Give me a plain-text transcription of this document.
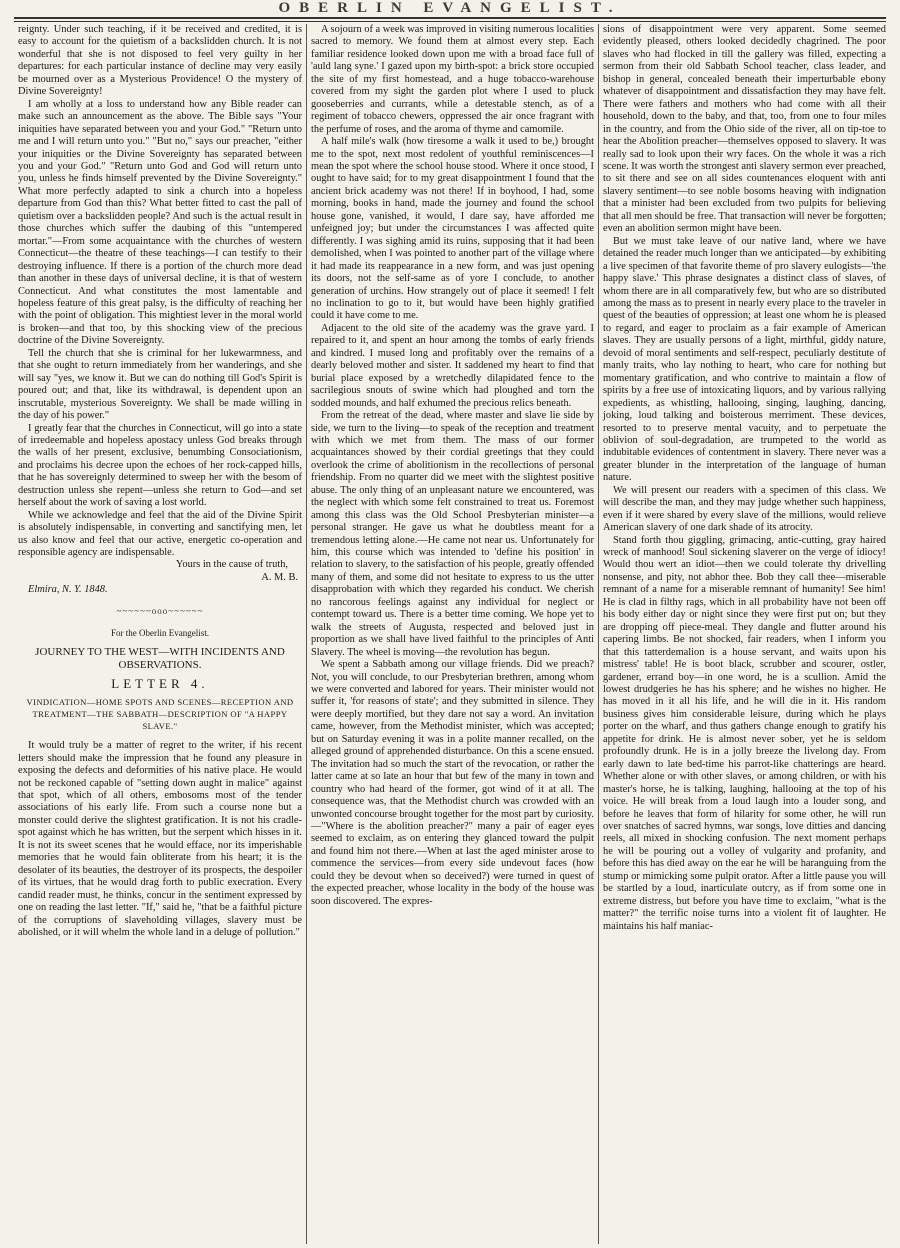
OBERLIN EVANGELIST.

reignty. Under such teaching, if it be received and credited, it is easy to account for the quietism of a backslidden church. It is not wonderful that she is not disposed to feel very guilty in her departures: for each particular instance of decline may very easily be mourned over as a Mysterious Providence! O the mystery of Divine Sovereignty!

I am wholly at a loss to understand how any Bible reader can make such an announcement as the above. The Bible says "Your iniquities have separated between you and your God." "Return unto me and I will return unto you." "But no," says our preacher, "either your iniquities or the Divine Sovereignty has separated between you and your God." "Return unto God and God will return unto you, unless he finds himself prevented by the Divine Sovereignty." What more perfectly adapted to sink a church into a hopeless departure from God than this? What better fitted to cast the pall of quietism over a backslidden people? And such is the actual result in those churches which suffer the daubing of this "untempered mortar."—From some acquaintance with the churches of western Connecticut—the theatre of these teachings—I can testify to their destroying influence. If there is a portion of the church more dead than another in these days of universal decline, it is that of western Connecticut. And what constitutes the most lamentable and hopeless feature of this great palsy, is the difficulty of reaching her with the point of obligation. This mightiest lever in the moral world is broken—and that too, by this shocking view of the precious doctrine of the Divine Sovereignty.

Tell the church that she is criminal for her lukewarmness, and that she ought to return immediately from her wanderings, and she will say "yes, we know it. But we can do nothing till God's Spirit is poured out; and that, like its withdrawal, is dependent upon an inscrutable, mysterious Sovereignty. We shall be made willing in the day of his power."

I greatly fear that the churches in Connecticut, will go into a state of irredeemable and hopeless apostacy unless God breaks through the walls of her present, exclusive, benumbing Consociationism, and proclaims his decree upon the echoes of her rock-capped hills, that he has sovereignly determined to sweep her with the besom of destruction unless she repent—unless she return to God—and set herself about the work of saving a lost world.

While we acknowledge and feel that the aid of the Divine Spirit is absolutely indispensable, in converting and sanctifying men, let us also know and feel that our active, energetic co-operation and responsible agency are indispensable.

Yours in the cause of truth,

A. M. B.

Elmira, N. Y. 1848.

~~~~~~ooo~~~~~~
For the Oberlin Evangelist.
JOURNEY TO THE WEST—WITH INCIDENTS AND OBSERVATIONS.
LETTER 4.
VINDICATION—HOME SPOTS AND SCENES—RECEPTION AND TREATMENT—THE SABBATH—DESCRIPTION OF "A HAPPY SLAVE."

It would truly be a matter of regret to the writer, if his recent letters should make the impression that he found any pleasure in exposing the defects and deformities of his native place. He would not be reckoned capable of "setting down aught in malice" against that spot, which of all others, embosoms most of the tender associations of his early life. From such a course none but a monster could derive the slightest gratification. It is not his cradle-spot against which he has written, but the serpent which hisses in it. It is not its sweet scenes that he would efface, nor its imperishable memories that he would fain obliterate from his heart; it is the desolater of its beauties, the destroyer of its prospects, the despoiler of its virtues, that he would drag forth to public execration. Every candid reader must, he thinks, concur in the sentiment expressed by one on reading the last letter. "If," said he, "that be a faithful picture of the corruptions of slaveholding villages, slavery must be abolished, or it will whelm the whole land in a deluge of pollution."

A sojourn of a week was improved in visiting numerous localities sacred to memory. We found them at almost every step. Each familiar residence looked down upon me with a broad face full of 'auld lang syne.' I gazed upon my birth-spot: a brick store occupied the site of my first homestead, and a huge tobacco-warehouse covered from my sight the garden plot where I used to pluck gooseberries and currants, while a detestable stench, as of a regiment of tobacco chewers, oppressed the air once fragrant with the perfume of roses, and the aroma of thyme and camomile.

A half mile's walk (how tiresome a walk it used to be,) brought me to the spot, next most redolent of youthful reminiscences—I mean the spot where the school house stood. Where it once stood, I ought to have said; for to my great disappointment I found that the ancient brick academy was not there! If in boyhood, I had, some morning, books in hand, made the journey and found the school house gone, vanished, it would, I dare say, have afforded me unfeigned joy; but under the circumstances I was affected quite differently. I was sighing amid its ruins, supposing that it had been demolished, when I was pointed to another part of the village where it had made its reappearance in a new form, and was just opening its doors, not the self-same as of yore I conclude, to another generation of urchins. How strangely out of place it seemed! I felt no inclination to go to it, but would have been highly gratified could it have come to me.

Adjacent to the old site of the academy was the grave yard. I repaired to it, and spent an hour among the tombs of early friends and kindred. I mused long and profitably over the remains of a dearly beloved mother and sister. It saddened my heart to find that burial place exposed by a wretchedly dilapidated fence to the sacrilegious snouts of swine which had ploughed and torn the sodded mounds, and half exhumed the precious relics beneath.

From the retreat of the dead, where master and slave lie side by side, we turn to the living—to speak of the reception and treatment with which we met from them. The mass of our former acquaintances showed by their cordial greetings that they could overlook the crime of abolitionism in the recollections of personal friendship. From no quarter did we meet with the slightest positive abuse. The only thing of an unpleasant nature we encountered, was the neglect with which some felt constrained to treat us. Foremost among this class was the Old School Presbyterian minister—a personal stranger. He gave us what he doubtless meant for a tremendous letting alone.—He came not near us. Unfortunately for him, this course which was intended to 'define his position' in relation to slavery, to the satisfaction of his people, greatly offended many of them, and some did not hesitate to express to us the utter disapprobation with which they regarded his conduct. We cherish no rancorous feelings against any individual for neglect or contempt toward us. There is a better time coming. We hope yet to walk the streets of Augusta, respected and beloved just in proportion as we shall have lived faithful to the principles of Anti Slavery. The wheel is moving—the revolution has begun.

We spent a Sabbath among our village friends. Did we preach? Not, you will conclude, to our Presbyterian brethren, among whom we were converted and labored for years. Their minister would not suffer it, 'for reasons of state'; and they submitted in silence. They were deeply mortified, but they dare not say a word. An invitation came, however, from the Methodist minister, which was accepted; but on Saturday evening it was in a polite manner recalled, on the alleged ground of apprehended disturbance. On this a scene ensued. The invitation had so much the start of the revocation, or rather the latter came at so late an hour that but few of the many in town and country who had heard of the former, got wind of it at all. The consequence was, that the Methodist church was crowded with an unwonted concourse brought together for the most part by curiosity.—"Where is the abolition preacher?" many a pair of eager eyes seemed to exclaim, as on entering they glanced toward the pulpit and found him not there.—When at last the aged minister arose to commence the services—from every side undevout faces (how could they be devout when so deceived?) were turned in quest of the expected preacher, whose locality in the body of the house was soon discovered. The expres-

sions of disappointment were very apparent. Some seemed evidently pleased, others looked decidedly chagrined. The poor slaves who had flocked in till the gallery was filled, expecting a sermon from their old Sabbath School teacher, class leader, and bishop in general, concealed beneath their imperturbable ebony whatever of disappointment and dissatisfaction they may have felt. There were fathers and mothers who had come with all their household, down to the baby, and that, too, from one to four miles in the country, and from the Ohio side of the river, all on tip-toe to hear the Abolition preacher—themselves opposed to slavery. It was really sad to look upon their wry faces. On the whole it was a rich scene. It was worth the strongest anti slavery sermon ever preached, to sit there and see on all sides countenances eloquent with anti slavery sentiment—to see noble bosoms heaving with indignation that a minister had been excluded from two pulpits for believing that all men should be free. That transaction will never be forgotten; even an abolition sermon might have been.

But we must take leave of our native land, where we have detained the reader much longer than we anticipated—by exhibiting a live specimen of that favorite theme of pro slavery eulogists—'the happy slave.' This phrase designates a distinct class of slaves, of whom there are in all comparatively few, but who are so distributed among the mass as to present in nearly every place to the traveler in quest of the beauties of oppression; at least one whom he is pleased to regard, and eager to proclaim as a fair example of American slaves. They are usually persons of a light, mirthful, giddy nature, devoid of moral sentiments and self-respect, peculiarly destitute of manly traits, who lay nothing to heart, who care for nothing but momentary gratification, and who contrive to maintain a flow of spirits by a free use of intoxicating liquors, and by various rallying expedients, as whistling, hallooing, singing, laughing, dancing, joking, loud talking and boisterous merriment. These devices, resorted to to preserve mental vacuity, and to perpetuate the oblivion of soul-degradation, are trumpeted to the world as indubitable evidences of contentment in slavery. There never was a greater blunder in the interpretation of the language of human nature.

We will present our readers with a specimen of this class. We will describe the man, and they may judge whether such happiness, even if it were shared by every slave of the millions, would relieve American slavery of one dark shade of its atrocity.

Stand forth thou giggling, grimacing, antic-cutting, gray haired wreck of manhood! Soul sickening slaverer on the verge of idiocy! Would thou wert an idiot—then we could tolerate thy drivelling nonsense, and pity, not abhor thee. Bob they call thee—miserable remnant of a name for a miserable remnant of humanity! See him! He is clad in filthy rags, which in all probability have not been off his body either day or night since they were first put on; but they are dropping off piece-meal. They dangle and flutter around his capering limbs. Be not shocked, fair readers, when I inform you that this tatterdemalion is a house servant, and waits upon his mistress' table! He is boot black, scrubber and scourer, ostler, gardener, errand boy—in one word, he is a scullion. Amid the lowest drudgeries he has his sphere; and he wishes no higher. He has moved in it all his life, and he will die in it. His random business gives him considerable leisure, during which he plays porter on the wharf, and thus gathers change enough to gratify his appetite for drink. He is almost never sober, yet he is seldom profoundly drunk. He is in a jolly breeze the livelong day. From early dawn to late bed-time his parrot-like chatterings are heard. Whether alone or with other slaves, or among children, or with his master's horse, he is talking, laughing, hallooing at the top of his voice. He will break from a loud laugh into a louder song, and before he leaves that form of hilarity for some other, he will run over snatches of sacred hymns, war songs, love ditties and dancing reels, all mixed in shocking confusion. The next moment perhaps he will be pouring out a volley of vulgarity and profanity, and before this has died away on the ear he will be haranguing from the stump or mimicking some pulpit orator. After a little pause you will be startled by a loud, inarticulate outcry, as if from some one in extreme distress, but before you have time to exclaim, "what is the matter?" the terrific noise turns into a violent fit of laughter. He maintains his half maniac-
